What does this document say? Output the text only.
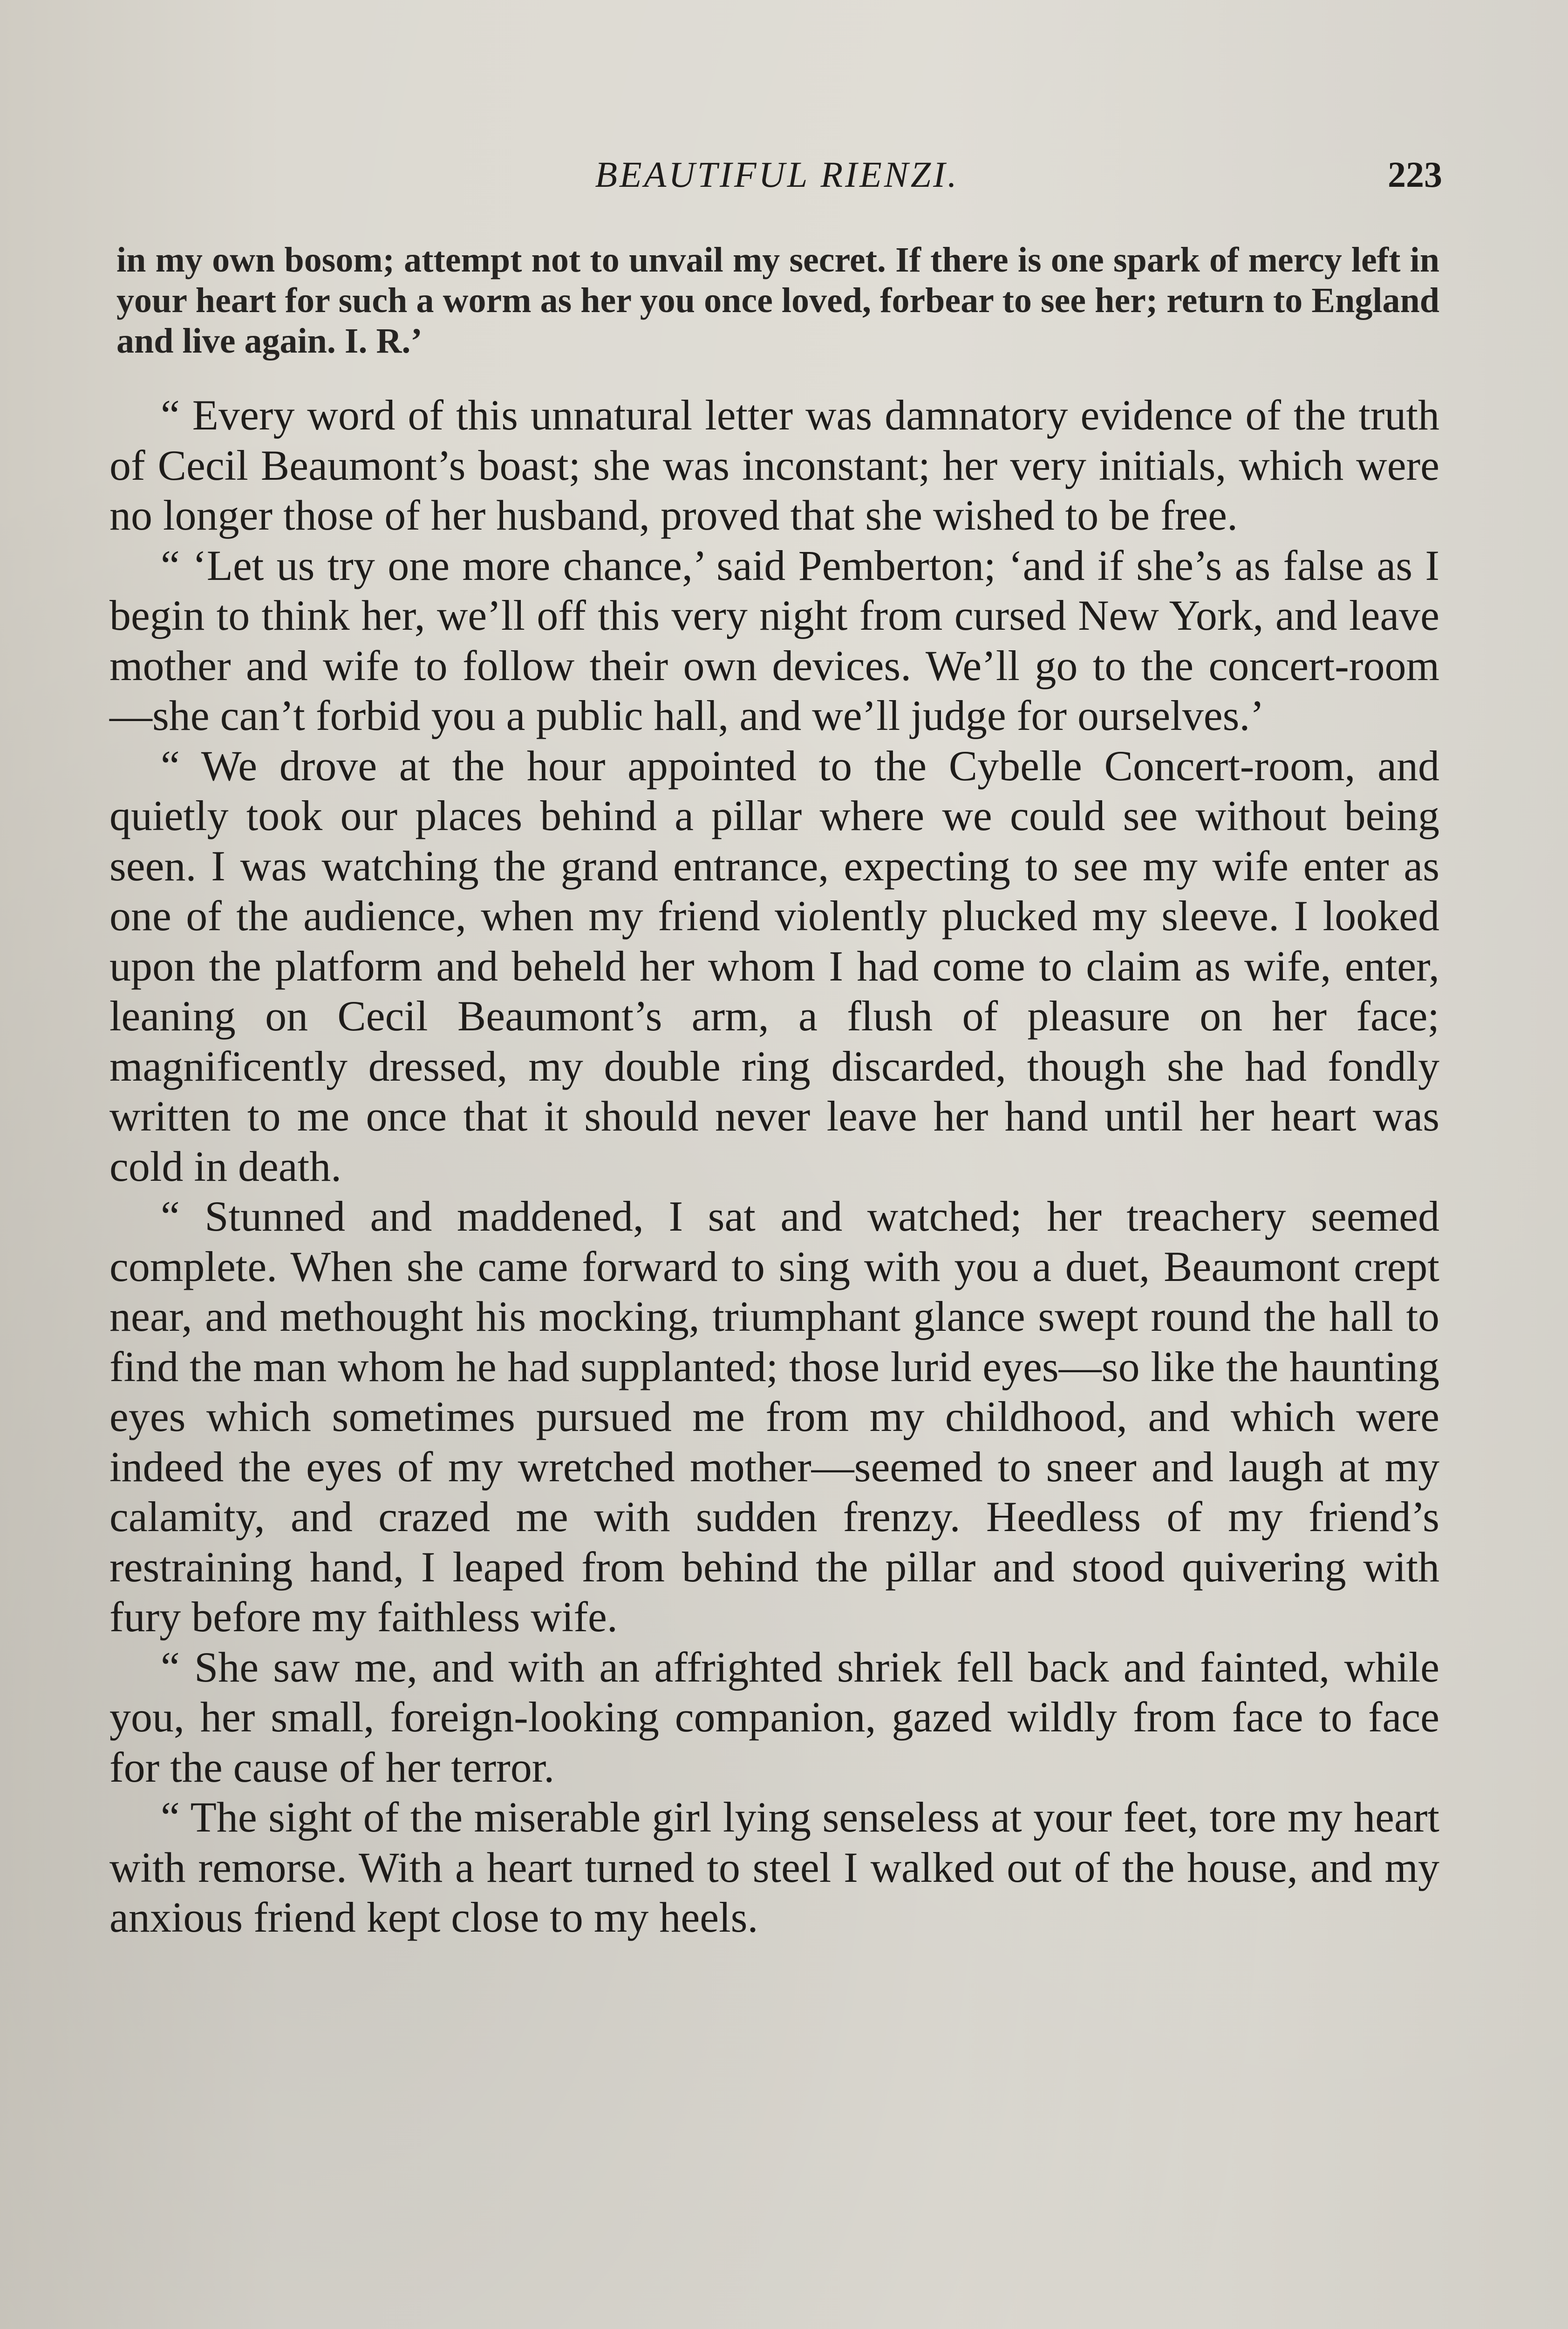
BEAUTIFUL RIENZI.	223
in my own bosom; attempt not to unvail my secret. If there is one spark of mercy left in your heart for such a worm as her you once loved, forbear to see her; return to England and live again. I. R.’

“ Every word of this unnatural letter was damnatory evidence of the truth of Cecil Beaumont’s boast; she was inconstant; her very initials, which were no longer those of her husband, proved that she wished to be free.

“ ‘Let us try one more chance,’ said Pemberton; ‘and if she’s as false as I begin to think her, we’ll off this very night from cursed New York, and leave mother and wife to follow their own devices. We’ll go to the concert-room —she can’t forbid you a public hall, and we’ll judge for ourselves.’

“ We drove at the hour appointed to the Cybelle Concert-room, and quietly took our places behind a pillar where we could see without being seen. I was watching the grand entrance, expecting to see my wife enter as one of the audience, when my friend violently plucked my sleeve. I looked upon the platform and beheld her whom I had come to claim as wife, enter, leaning on Cecil Beaumont’s arm, a flush of pleasure on her face; magnificently dressed, my double ring discarded, though she had fondly written to me once that it should never leave her hand until her heart was cold in death.

“ Stunned and maddened, I sat and watched; her treachery seemed complete. When she came forward to sing with you a duet, Beaumont crept near, and methought his mocking, triumphant glance swept round the hall to find the man whom he had supplanted; those lurid eyes—so like the haunting eyes which sometimes pursued me from my childhood, and which were indeed the eyes of my wretched mother—seemed to sneer and laugh at my calamity, and crazed me with sudden frenzy. Heedless of my friend’s restraining hand, I leaped from behind the pillar and stood quivering with fury before my faithless wife.

“ She saw me, and with an affrighted shriek fell back and fainted, while you, her small, foreign-looking companion, gazed wildly from face to face for the cause of her terror.

“ The sight of the miserable girl lying senseless at your feet, tore my heart with remorse. With a heart turned to steel I walked out of the house, and my anxious friend kept close to my heels.
